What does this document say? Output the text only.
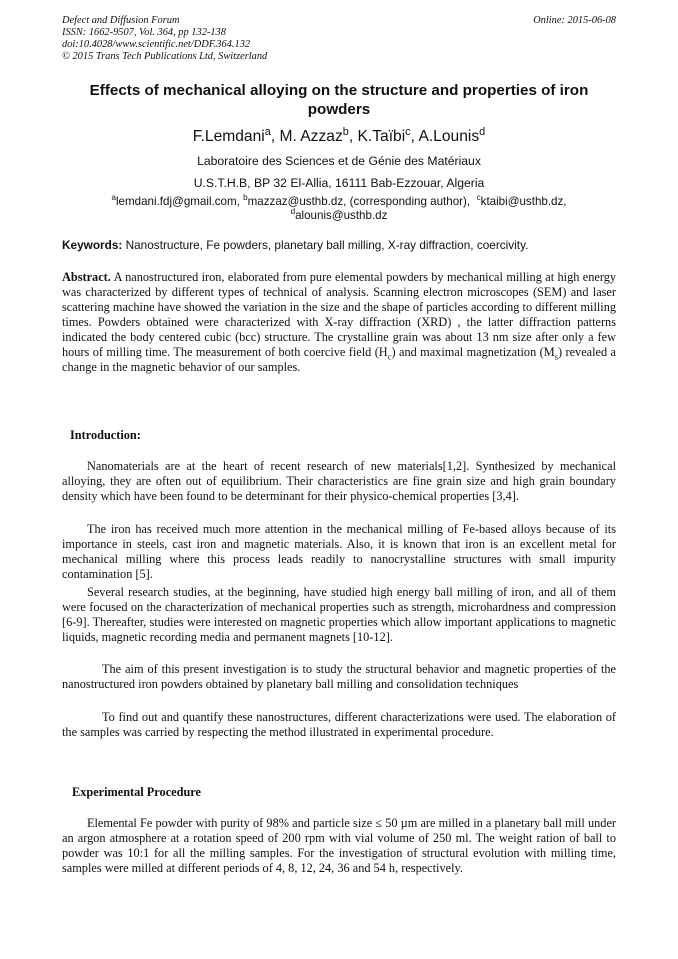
Defect and Diffusion Forum
ISSN: 1662-9507, Vol. 364, pp 132-138
doi:10.4028/www.scientific.net/DDF.364.132
© 2015 Trans Tech Publications Ltd, Switzerland
Online: 2015-06-08
Effects of mechanical alloying on the structure and properties of iron powders
F.Lemdani$^a$, M. Azzaz$^b$, K.Taïbi$^c$, A.Lounis$^d$
Laboratoire des Sciences et de Génie des Matériaux
U.S.T.H.B, BP 32 El-Allia, 16111 Bab-Ezzouar, Algeria
$^a$lemdani.fdj@gmail.com, $^b$mazzaz@usthb.dz, (corresponding author), $^c$ktaibi@usthb.dz,
$^d$alounis@usthb.dz
Keywords: Nanostructure, Fe powders, planetary ball milling, X-ray diffraction, coercivity.
Abstract. A nanostructured iron, elaborated from pure elemental powders by mechanical milling at high energy was characterized by different types of technical of analysis. Scanning electron microscopes (SEM) and laser scattering machine have showed the variation in the size and the shape of particles according to different milling times. Powders obtained were characterized with X-ray diffraction (XRD) , the latter diffraction patterns indicated the body centered cubic (bcc) structure. The crystalline grain was about 13 nm size after only a few hours of milling time. The measurement of both coercive field $(H_c)$ and maximal magnetization $(M_s)$ revealed a change in the magnetic behavior of our samples.
Introduction:
Nanomaterials are at the heart of recent research of new materials[1,2]. Synthesized by mechanical alloying, they are often out of equilibrium. Their characteristics are fine grain size and high grain boundary density which have been found to be determinant for their physico-chemical properties [3,4].
The iron has received much more attention in the mechanical milling of Fe-based alloys because of its importance in steels, cast iron and magnetic materials. Also, it is known that iron is an excellent metal for mechanical milling where this process leads readily to nanocrystalline structures with small impurity contamination [5].
Several research studies, at the beginning, have studied high energy ball milling of iron, and all of them were focused on the characterization of mechanical properties such as strength, microhardness and compression [6-9]. Thereafter, studies were interested on magnetic properties which allow important applications to magnetic liquids, magnetic recording media and permanent magnets [10-12].
The aim of this present investigation is to study the structural behavior and magnetic properties of the nanostructured iron powders obtained by planetary ball milling and consolidation techniques
To find out and quantify these nanostructures, different characterizations were used. The elaboration of the samples was carried by respecting the method illustrated in experimental procedure.
Experimental Procedure
Elemental Fe powder with purity of 98% and particle size ≤ 50 µm are milled in a planetary ball mill under an argon atmosphere at a rotation speed of 200 rpm with vial volume of 250 ml. The weight ration of ball to powder was 10:1 for all the milling samples. For the investigation of structural evolution with milling time, samples were milled at different periods of 4, 8, 12, 24, 36 and 54 h, respectively.
